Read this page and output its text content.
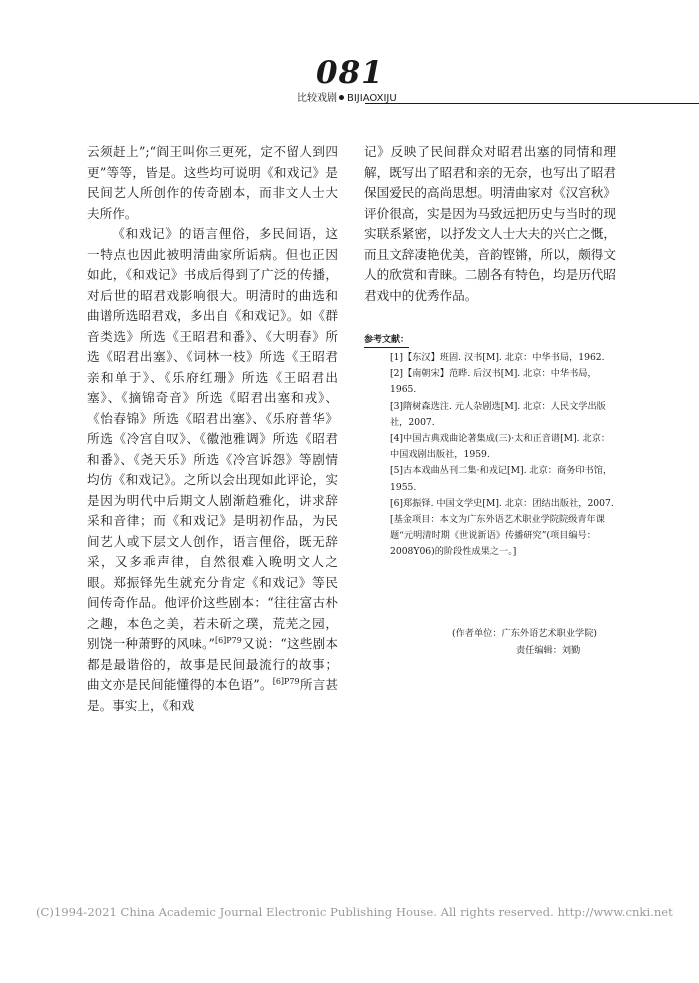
081
比较戏剧 BIJIAOXIJU

云须赶上”;“阎王叫你三更死，定不留人到四更”等等，皆是。这些均可说明《和戏记》是民间艺人所创作的传奇剧本，而非文人士大夫所作。

《和戏记》的语言俚俗，多民间语，这一特点也因此被明清曲家所诟病。但也正因如此，《和戏记》书成后得到了广泛的传播，对后世的昭君戏影响很大。明清时的曲选和曲谱所选昭君戏，多出自《和戏记》。如《群音类选》所选《王昭君和番》、《大明春》所选《昭君出塞》、《词林一枝》所选《王昭君亲和单于》、《乐府红珊》所选《王昭君出塞》、《摘锦奇音》所选《昭君出塞和戎》、《怡春锦》所选《昭君出塞》、《乐府普华》所选《冷宫自叹》、《徽池雅调》所选《昭君和番》、《尧天乐》所选《冷宫诉怨》等剧情均仿《和戏记》。之所以会出现如此评论，实是因为明代中后期文人剧渐趋雅化，讲求辞采和音律；而《和戏记》是明初作品，为民间艺人或下层文人创作，语言俚俗，既无辞采，又多乖声律，自然很难入晚明文人之眼。郑振铎先生就充分肯定《和戏记》等民间传奇作品。他评价这些剧本：“往往富古朴之趣，本色之美，若未斫之璞，荒芜之园，别饶一种萧野的风味。”$^{[6]P79}$又说：“这些剧本都是最谐俗的，故事是民间最流行的故事；曲文亦是民间能懂得的本色语”。$^{[6]P79}$所言甚是。事实上，《和戏

记》反映了民间群众对昭君出塞的同情和理解，既写出了昭君和亲的无奈，也写出了昭君保国爱民的高尚思想。明清曲家对《汉宫秋》评价很高，实是因为马致远把历史与当时的现实联系紧密，以抒发文人士大夫的兴亡之慨，而且文辞凄艳优美，音韵铿锵，所以，颇得文人的欣赏和青睐。二剧各有特色，均是历代昭君戏中的优秀作品。

参考文献：
[1]【东汉】班固. 汉书[M]. 北京：中华书局，1962.
[2]【南朝宋】范晔. 后汉书[M]. 北京：中华书局，1965.
[3]隋树森选注. 元人杂剧选[M]. 北京：人民文学出版社，2007.
[4]中国古典戏曲论著集成(三)·太和正音谱[M]. 北京：中国戏剧出版社，1959.
[5]古本戏曲丛刊二集·和戎记[M]. 北京：商务印书馆，1955.
[6]郑振铎. 中国文学史[M]. 北京：团结出版社，2007.
[基金项目：本文为广东外语艺术职业学院院级青年课题“元明清时期《世说新语》传播研究”(项目编号：2008Y06)的阶段性成果之一。]
(作者单位：广东外语艺术职业学院)
责任编辑：刘勤
(C)1994-2021 China Academic Journal Electronic Publishing House. All rights reserved. http://www.cnki.net
